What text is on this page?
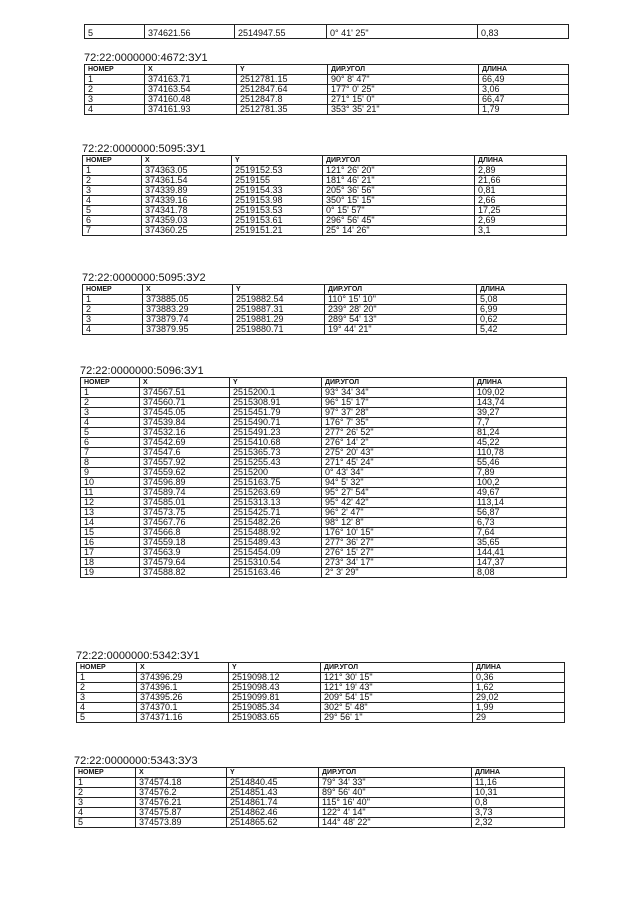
5	374621.56	2514947.55	0° 41' 25"	0,83
72:22:0000000:4672:ЗУ1
НОМЕР	X	Y	ДИР.УГОЛ	ДЛИНА
1	374163.71	2512781.15	90° 8' 47"	66,49
2	374163.54	2512847.64	177° 0' 25"	3,06
3	374160.48	2512847.8	271° 15' 0"	66,47
4	374161.93	2512781.35	353° 35' 21"	1,79
72:22:0000000:5095:ЗУ1
НОМЕР	X	Y	ДИР.УГОЛ	ДЛИНА
1	374363.05	2519152.53	121° 26' 20"	2,89
2	374361.54	2519155	181° 46' 21"	21,66
3	374339.89	2519154.33	205° 36' 56"	0,81
4	374339.16	2519153.98	350° 15' 15"	2,66
5	374341.78	2519153.53	0° 15' 57"	17,25
6	374359.03	2519153.61	296° 56' 45"	2,69
7	374360.25	2519151.21	25° 14' 26"	3,1
72:22:0000000:5095:ЗУ2
НОМЕР	X	Y	ДИР.УГОЛ	ДЛИНА
1	373885.05	2519882.54	110° 15' 10"	5,08
2	373883.29	2519887.31	239° 28' 20"	6,99
3	373879.74	2519881.29	289° 54' 13"	0,62
4	373879.95	2519880.71	19° 44' 21"	5,42
72:22:0000000:5096:ЗУ1
НОМЕР	X	Y	ДИР.УГОЛ	ДЛИНА
1	374567.51	2515200.1	93° 34' 34"	109,02
2	374560.71	2515308.91	96° 15' 17"	143,74
3	374545.05	2515451.79	97° 37' 28"	39,27
4	374539.84	2515490.71	176° 7' 35"	7,7
5	374532.16	2515491.23	277° 26' 52"	81,24
6	374542.69	2515410.68	276° 14' 2"	45,22
7	374547.6	2515365.73	275° 20' 43"	110,78
8	374557.92	2515255.43	271° 45' 24"	55,46
9	374559.62	2515200	0° 43' 34"	7,89
10	374596.89	2515163.75	94° 5' 32"	100,2
11	374589.74	2515263.69	95° 27' 54"	49,67
12	374585.01	2515313.13	95° 42' 42"	113,14
13	374573.75	2515425.71	96° 2' 47"	56,87
14	374567.76	2515482.26	98° 12' 8"	6,73
15	374566.8	2515488.92	176° 10' 15"	7,64
16	374559.18	2515489.43	277° 36' 27"	35,65
17	374563.9	2515454.09	276° 15' 27"	144,41
18	374579.64	2515310.54	273° 34' 17"	147,37
19	374588.82	2515163.46	2° 3' 29"	8,08
72:22:0000000:5342:ЗУ1
НОМЕР	X	Y	ДИР.УГОЛ	ДЛИНА
1	374396.29	2519098.12	121° 30' 15"	0,36
2	374396.1	2519098.43	121° 19' 43"	1,62
3	374395.26	2519099.81	209° 54' 15"	29,02
4	374370.1	2519085.34	302° 5' 48"	1,99
5	374371.16	2519083.65	29° 56' 1"	29
72:22:0000000:5343:ЗУ3
НОМЕР	X	Y	ДИР.УГОЛ	ДЛИНА
1	374574.18	2514840.45	79° 34' 33"	11,16
2	374576.2	2514851.43	89° 56' 40"	10,31
3	374576.21	2514861.74	115° 16' 40"	0,8
4	374575.87	2514862.46	122° 4' 14"	3,73
5	374573.89	2514865.62	144° 48' 22"	2,32
